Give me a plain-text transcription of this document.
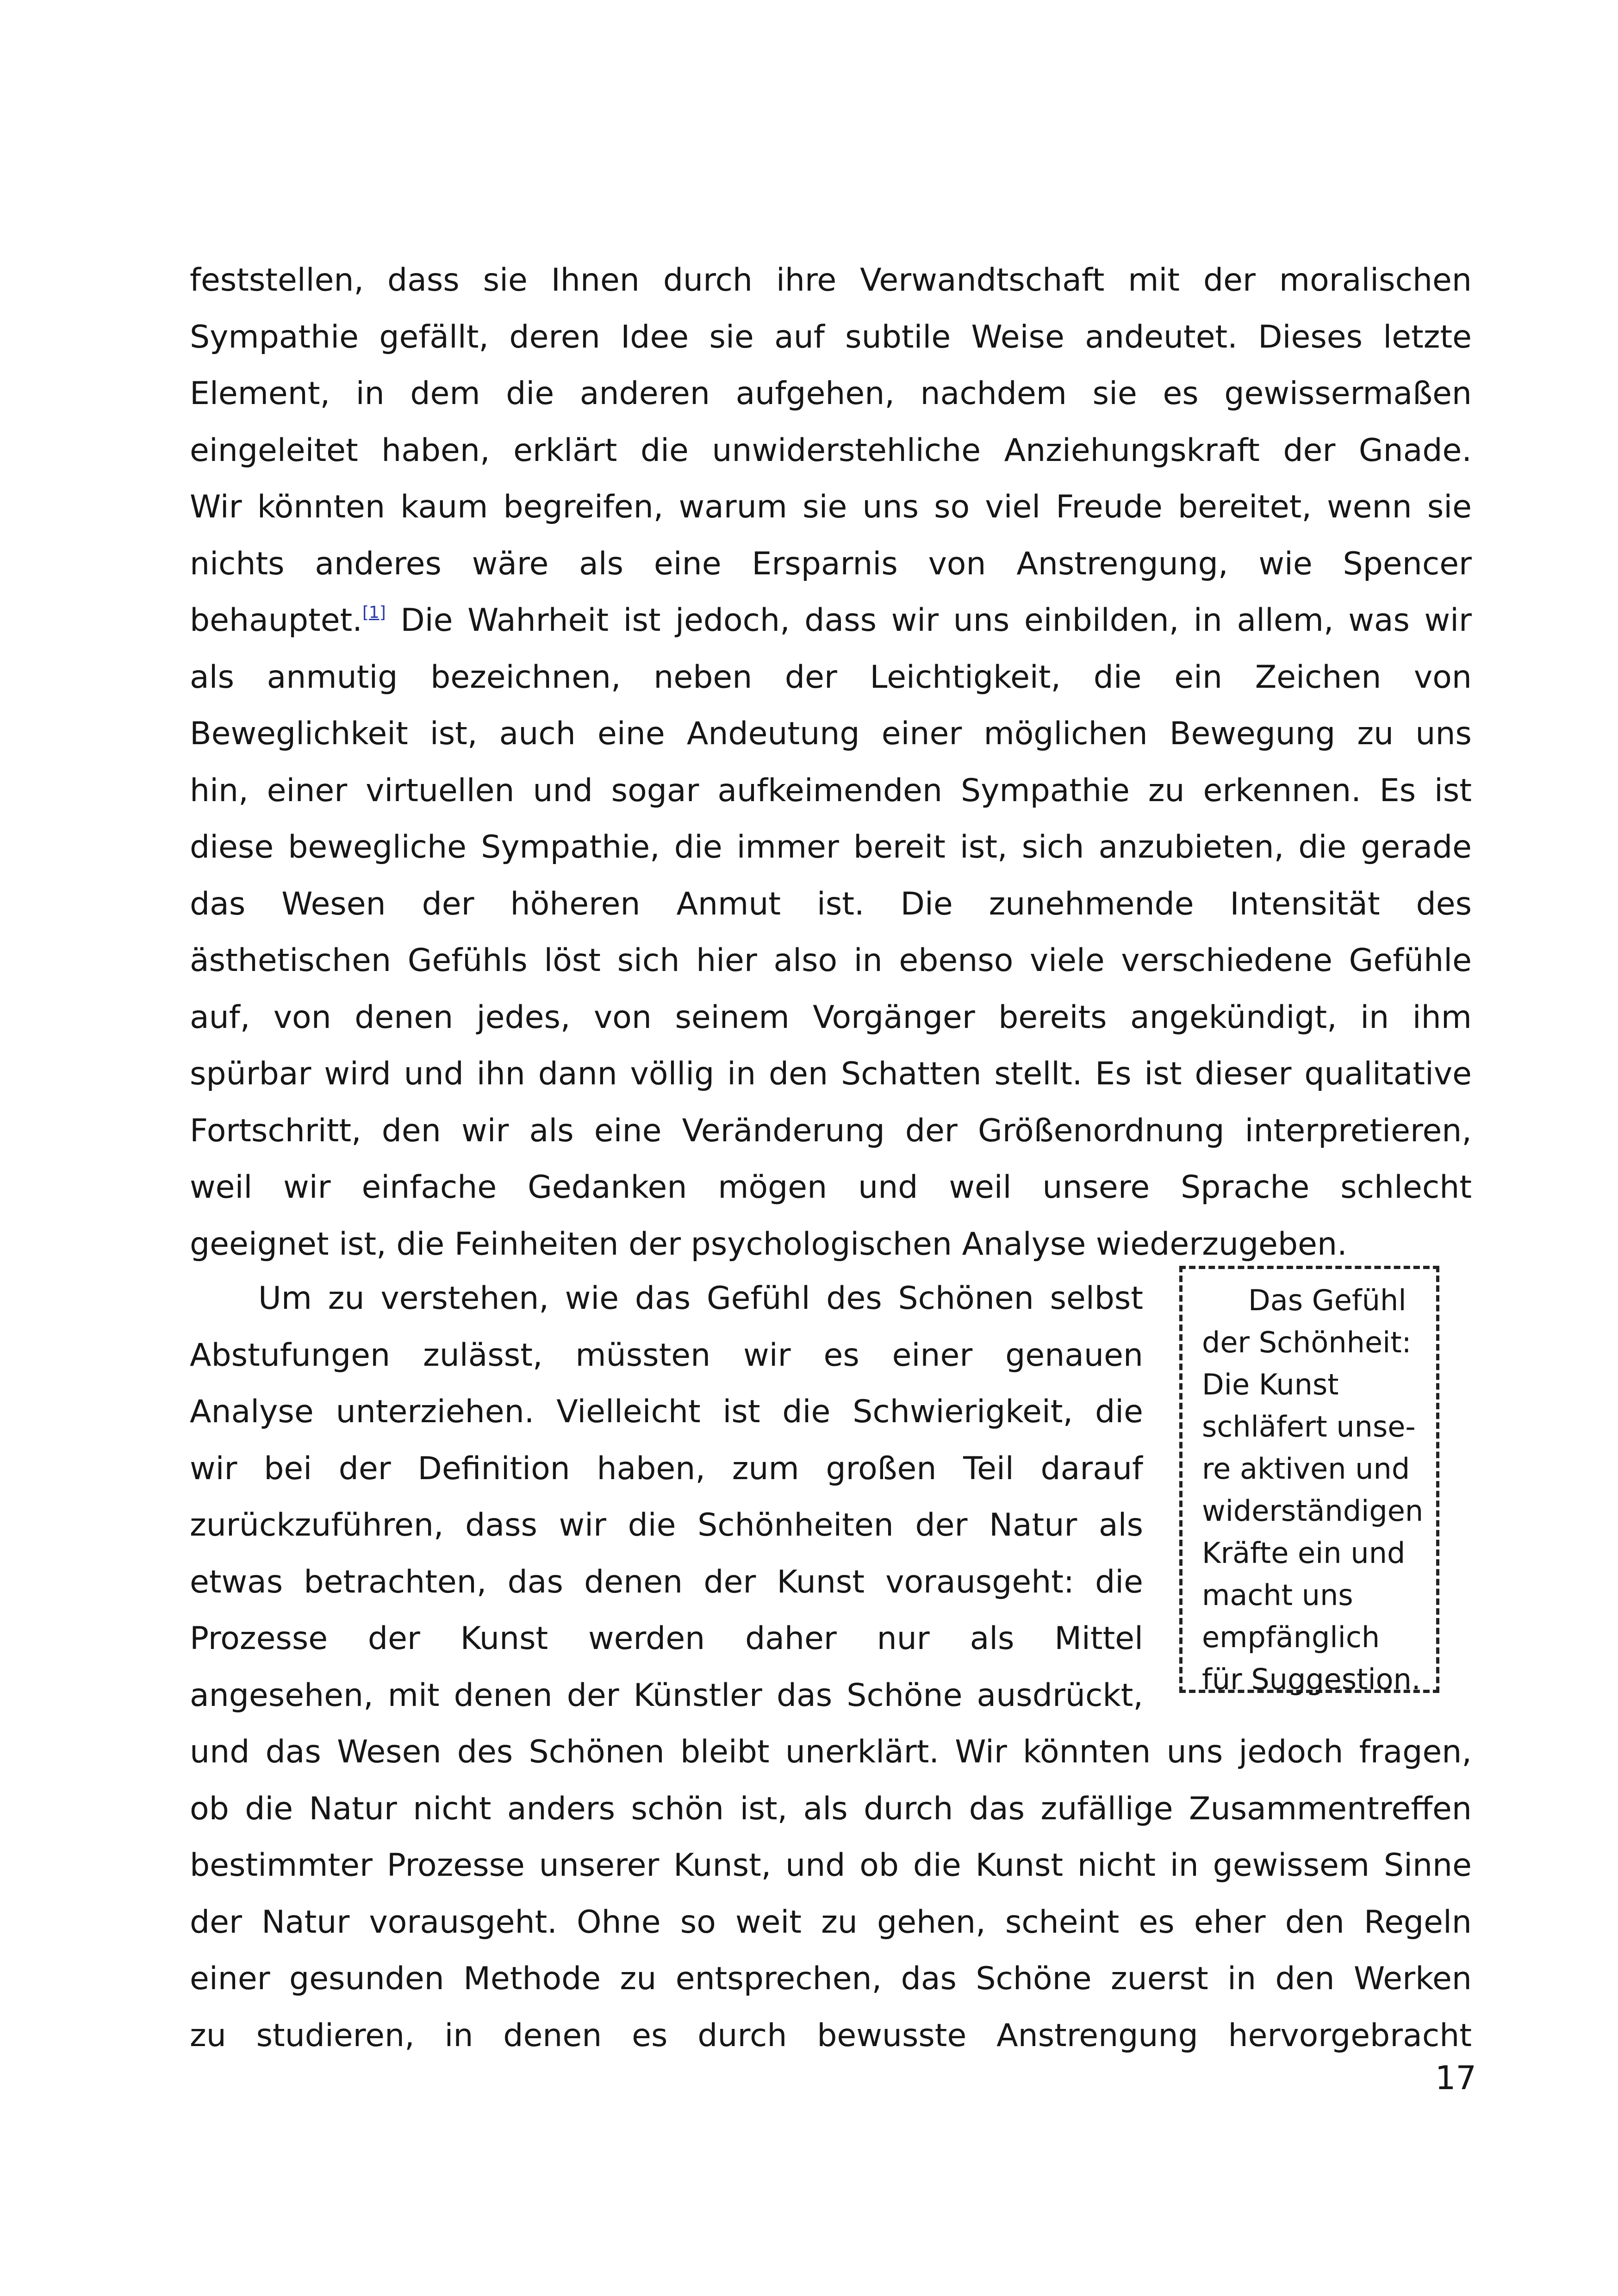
feststellen, dass sie Ihnen durch ihre Verwandtschaft mit der moralischen
Sympathie gefällt, deren Idee sie auf subtile Weise andeutet. Dieses letzte
Element, in dem die anderen aufgehen, nachdem sie es gewissermaßen
eingeleitet haben, erklärt die unwiderstehliche Anziehungskraft der Gnade.
Wir könnten kaum begreifen, warum sie uns so viel Freude bereitet, wenn sie
nichts anderes wäre als eine Ersparnis von Anstrengung, wie Spencer
behauptet.[1] Die Wahrheit ist jedoch, dass wir uns einbilden, in allem, was wir
als anmutig bezeichnen, neben der Leichtigkeit, die ein Zeichen von
Beweglichkeit ist, auch eine Andeutung einer möglichen Bewegung zu uns
hin, einer virtuellen und sogar aufkeimenden Sympathie zu erkennen. Es ist
diese bewegliche Sympathie, die immer bereit ist, sich anzubieten, die gerade
das Wesen der höheren Anmut ist. Die zunehmende Intensität des
ästhetischen Gefühls löst sich hier also in ebenso viele verschiedene Gefühle
auf, von denen jedes, von seinem Vorgänger bereits angekündigt, in ihm
spürbar wird und ihn dann völlig in den Schatten stellt. Es ist dieser qualitative
Fortschritt, den wir als eine Veränderung der Größenordnung interpretieren,
weil wir einfache Gedanken mögen und weil unsere Sprache schlecht
geeignet ist, die Feinheiten der psychologischen Analyse wiederzugeben.
Um zu verstehen, wie das Gefühl des Schönen selbst
Abstufungen zulässt, müssten wir es einer genauen
Analyse unterziehen. Vielleicht ist die Schwierigkeit, die
wir bei der Definition haben, zum großen Teil darauf
zurückzuführen, dass wir die Schönheiten der Natur als
etwas betrachten, das denen der Kunst vorausgeht: die
Prozesse der Kunst werden daher nur als Mittel
angesehen, mit denen der Künstler das Schöne ausdrückt,
Das Gefühl
der Schönheit:
Die Kunst
schläfert unse-
re aktiven und
widerständigen
Kräfte ein und
macht uns
empfänglich
für Suggestion.
und das Wesen des Schönen bleibt unerklärt. Wir könnten uns jedoch fragen,
ob die Natur nicht anders schön ist, als durch das zufällige Zusammentreffen
bestimmter Prozesse unserer Kunst, und ob die Kunst nicht in gewissem Sinne
der Natur vorausgeht. Ohne so weit zu gehen, scheint es eher den Regeln
einer gesunden Methode zu entsprechen, das Schöne zuerst in den Werken
zu studieren, in denen es durch bewusste Anstrengung hervorgebracht
17
